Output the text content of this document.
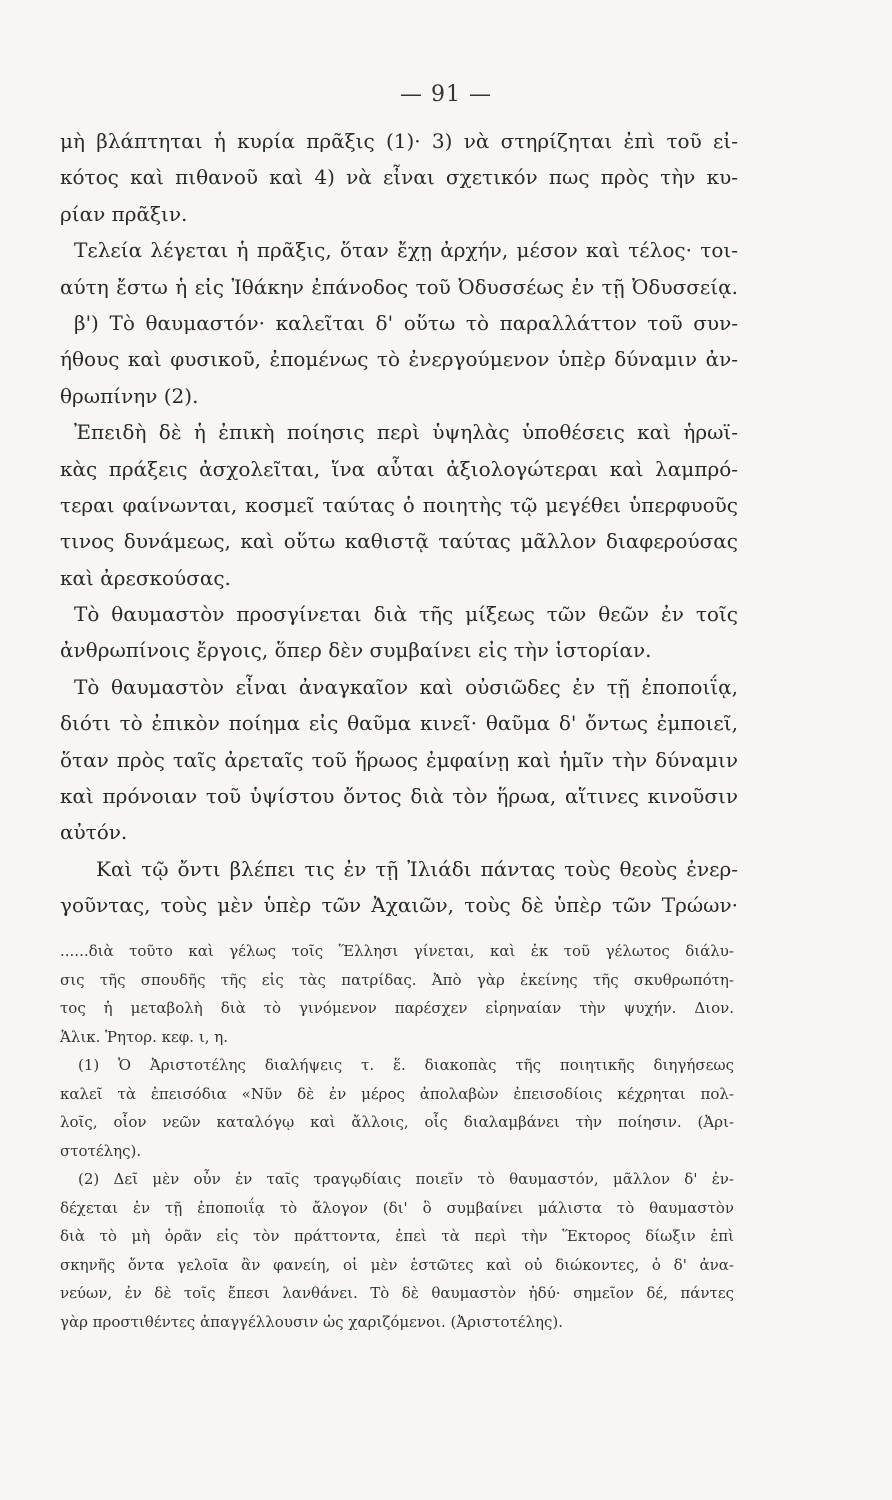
— 91 —
μὴ βλάπτηται ἡ κυρία πρᾶξις (1)· 3) νὰ στηρίζηται ἐπὶ τοῦ εἰ-
κότος καὶ πιθανοῦ καὶ 4) νὰ εἶναι σχετικόν πως πρὸς τὴν κυ-
ρίαν πρᾶξιν.
Τελεία λέγεται ἡ πρᾶξις, ὅταν ἔχῃ ἀρχήν, μέσον καὶ τέλος· τοι-
αύτη ἔστω ἡ εἰς Ἰθάκην ἐπάνοδος τοῦ Ὀδυσσέως ἐν τῇ Ὀδυσσείᾳ.
β') Τὸ θαυμαστόν· καλεῖται δ' οὕτω τὸ παραλλάττον τοῦ συν-
ήθους καὶ φυσικοῦ, ἐπομένως τὸ ἐνεργούμενον ὑπὲρ δύναμιν ἀν-
θρωπίνην (2).
Ἐπειδὴ δὲ ἡ ἐπικὴ ποίησις περὶ ὑψηλὰς ὑποθέσεις καὶ ἡρωϊ-
κὰς πράξεις ἀσχολεῖται, ἵνα αὗται ἀξιολογώτεραι καὶ λαμπρό-
τεραι φαίνωνται, κοσμεῖ ταύτας ὁ ποιητὴς τῷ μεγέθει ὑπερφυοῦς
τινος δυνάμεως, καὶ οὕτω καθιστᾷ ταύτας μᾶλλον διαφερούσας
καὶ ἀρεσκούσας.
Τὸ θαυμαστὸν προσγίνεται διὰ τῆς μίξεως τῶν θεῶν ἐν τοῖς
ἀνθρωπίνοις ἔργοις, ὅπερ δὲν συμβαίνει εἰς τὴν ἱστορίαν.
Τὸ θαυμαστὸν εἶναι ἀναγκαῖον καὶ οὐσιῶδες ἐν τῇ ἐποποιΐᾳ,
διότι τὸ ἐπικὸν ποίημα εἰς θαῦμα κινεῖ· θαῦμα δ' ὄντως ἐμποιεῖ,
ὅταν πρὸς ταῖς ἀρεταῖς τοῦ ἥρωος ἐμφαίνῃ καὶ ἡμῖν τὴν δύναμιν
καὶ πρόνοιαν τοῦ ὑψίστου ὄντος διὰ τὸν ἥρωα, αἵτινες κινοῦσιν
αὐτόν.
Καὶ τῷ ὄντι βλέπει τις ἐν τῇ Ἰλιάδι πάντας τοὺς θεοὺς ἐνερ-
γοῦντας, τοὺς μὲν ὑπὲρ τῶν Ἀχαιῶν, τοὺς δὲ ὑπὲρ τῶν Τρώων·
......διὰ τοῦτο καὶ γέλως τοῖς Ἕλλησι γίνεται, καὶ ἐκ τοῦ γέλωτος διάλυ-
σις τῆς σπουδῆς τῆς εἰς τὰς πατρίδας. Ἀπὸ γὰρ ἐκείνης τῆς σκυθρωπότη-
τος ἡ μεταβολὴ διὰ τὸ γινόμενον παρέσχεν εἰρηναίαν τὴν ψυχήν. Διον.
Ἁλικ. Ῥητορ. κεφ. ι, η.
(1) Ὁ Ἀριστοτέλης διαλήψεις τ. ἕ. διακοπὰς τῆς ποιητικῆς διηγήσεως
καλεῖ τὰ ἐπεισόδια «Νῦν δὲ ἐν μέρος ἀπολαβὼν ἐπεισοδίοις κέχρηται πολ-
λοῖς, οἷον νεῶν καταλόγῳ καὶ ἄλλοις, οἷς διαλαμβάνει τὴν ποίησιν. (Ἀρι-
στοτέλης).
(2) Δεῖ μὲν οὖν ἐν ταῖς τραγῳδίαις ποιεῖν τὸ θαυμαστόν, μᾶλλον δ' ἐν-
δέχεται ἐν τῇ ἐποποιΐᾳ τὸ ἄλογον (δι' ὃ συμβαίνει μάλιστα τὸ θαυμαστὸν
διὰ τὸ μὴ ὁρᾶν εἰς τὸν πράττοντα, ἐπεὶ τὰ περὶ τὴν Ἕκτορος δίωξιν ἐπὶ
σκηνῆς ὄντα γελοῖα ἂν φανείη, οἱ μὲν ἑστῶτες καὶ οὐ διώκοντες, ὁ δ' ἀνα-
νεύων, ἐν δὲ τοῖς ἔπεσι λανθάνει. Τὸ δὲ θαυμαστὸν ἡδύ· σημεῖον δέ, πάντες
γὰρ προστιθέντες ἀπαγγέλλουσιν ὡς χαριζόμενοι. (Ἀριστοτέλης).
